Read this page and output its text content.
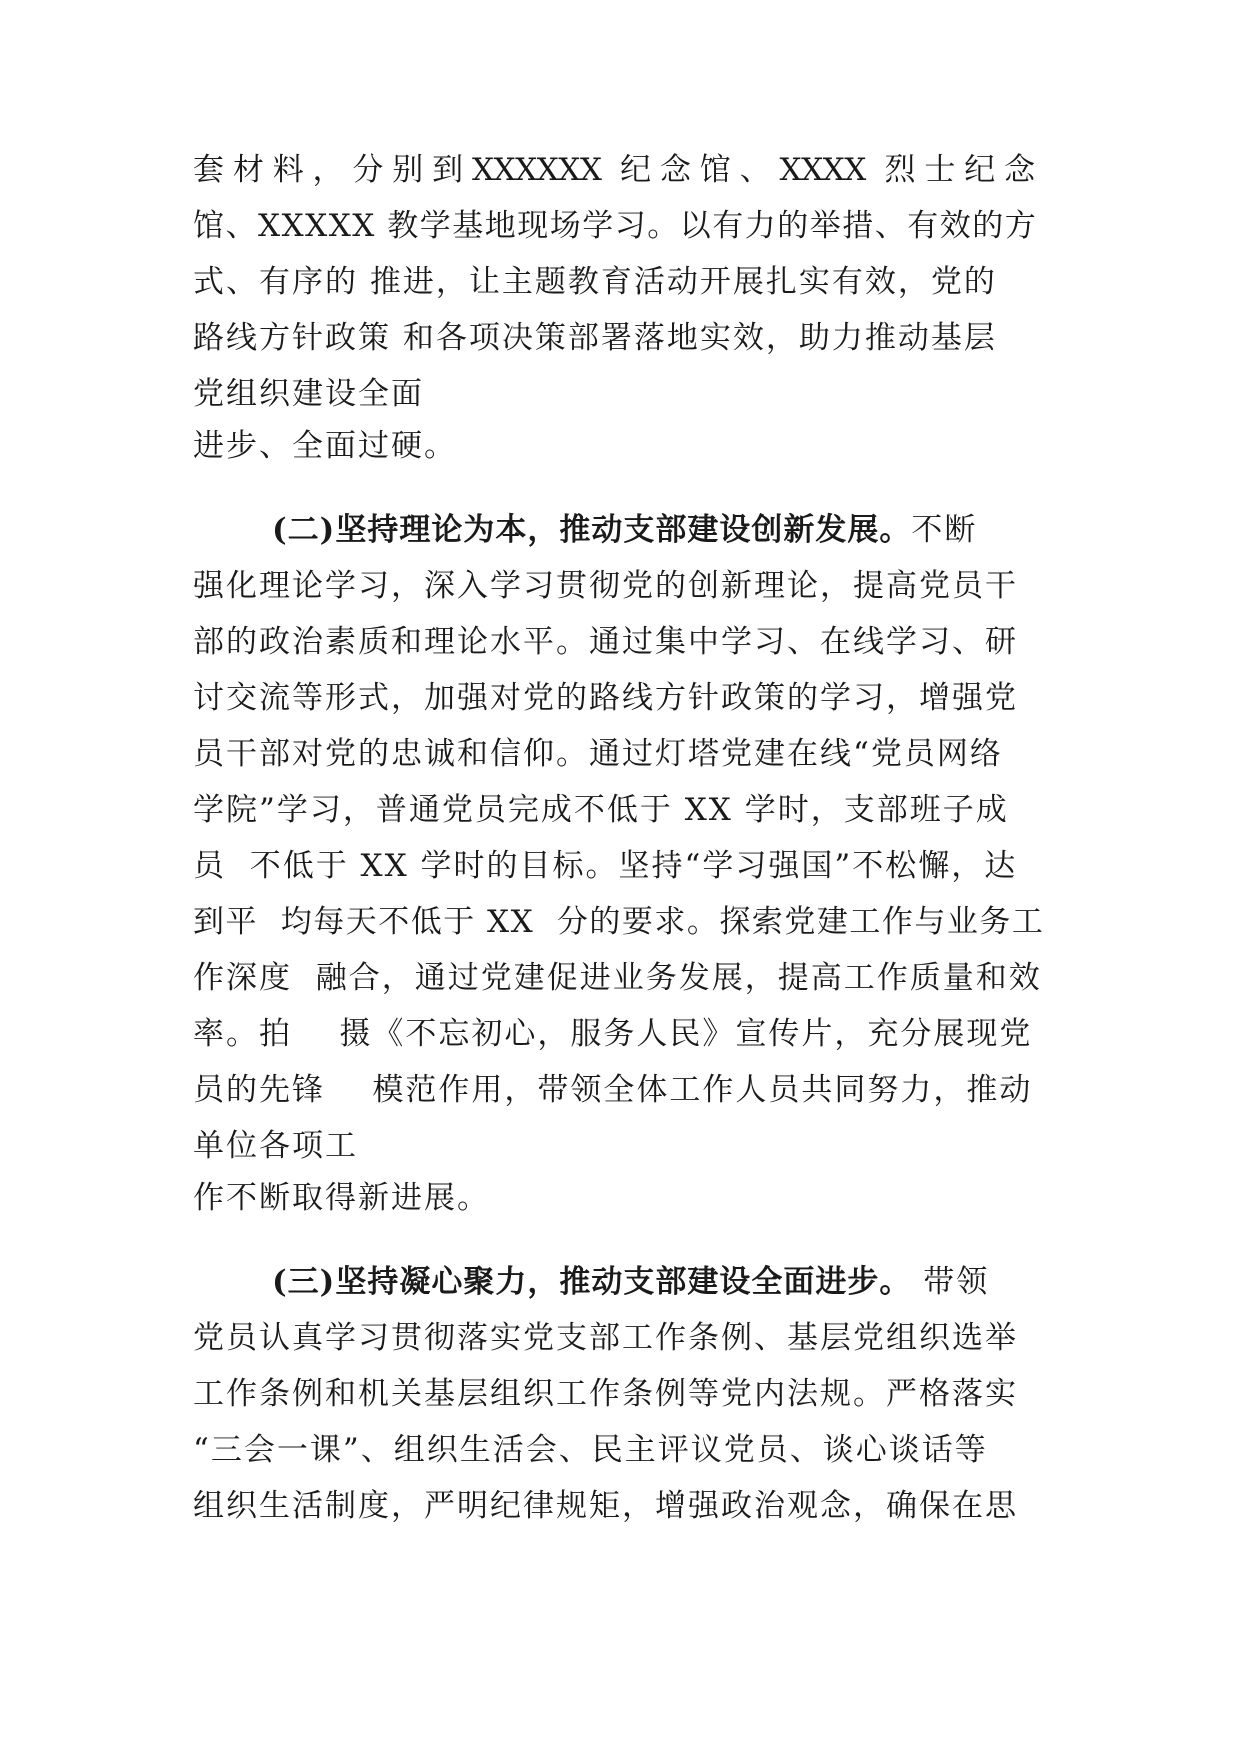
套 材 料 ， 分 别 到 XXXXXX  纪 念 馆 、 XXXX  烈 士 纪 念
馆、XXXXX 教学基地现场学习。以有力的举措、有效的方
式、有序的 推进，让主题教育活动开展扎实有效，党的
路线方针政策 和各项决策部署落地实效，助力推动基层
党组织建设全面
进步、全面过硬。
(二)坚持理论为本，推动支部建设创新发展。不断
强化理论学习，深入学习贯彻党的创新理论，提高党员干
部的政治素质和理论水平。通过集中学习、在线学习、研
讨交流等形式，加强对党的路线方针政策的学习，增强党
员干部对党的忠诚和信仰。通过灯塔党建在线“党员网络
学院”学习，普通党员完成不低于 XX 学时，支部班子成
员  不低于 XX 学时的目标。坚持“学习强国”不松懈，达
到平  均每天不低于 XX  分的要求。探索党建工作与业务工
作深度  融合，通过党建促进业务发展，提高工作质量和效
率。拍    摄《不忘初心，服务人民》宣传片，充分展现党
员的先锋    模范作用，带领全体工作人员共同努力，推动
单位各项工
作不断取得新进展。
(三)坚持凝心聚力，推动支部建设全面进步。 带领
党员认真学习贯彻落实党支部工作条例、基层党组织选举
工作条例和机关基层组织工作条例等党内法规。严格落实
“三会一课”、组织生活会、民主评议党员、谈心谈话等
组织生活制度，严明纪律规矩，增强政治观念，确保在思
